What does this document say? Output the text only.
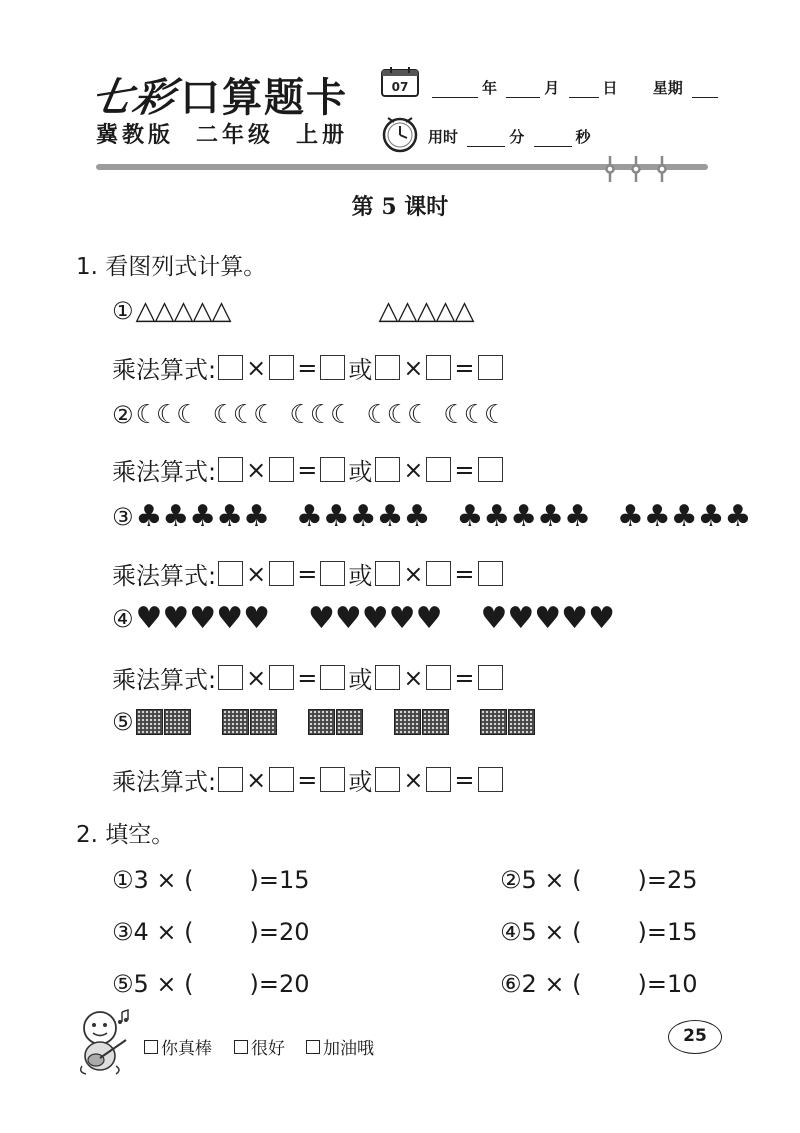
七彩口算题卡
冀教版 二年级 上册
07	年	月	日 星期
用时	分	秒
第 5 课时
1. 看图列式计算。
① △△△△△	△△△△△
乘法算式: × = 或 × =
② ☾☾☾ ☾☾☾ ☾☾☾ ☾☾☾ ☾☾☾
乘法算式: × = 或 × =
③ ♣♣♣♣♣ ♣♣♣♣♣ ♣♣♣♣♣ ♣♣♣♣♣
乘法算式: × = 或 × =
④ ♥♥♥♥♥ ♥♥♥♥♥ ♥♥♥♥♥
乘法算式: × = 或 × =
⑤
乘法算式: × = 或 × =
2. 填空。
①3 × ( )=15	②5 × ( )=25
③4 × ( )=20	④5 × ( )=15
⑤5 × ( )=20	⑥2 × ( )=10
你真棒 很好 加油哦
25
